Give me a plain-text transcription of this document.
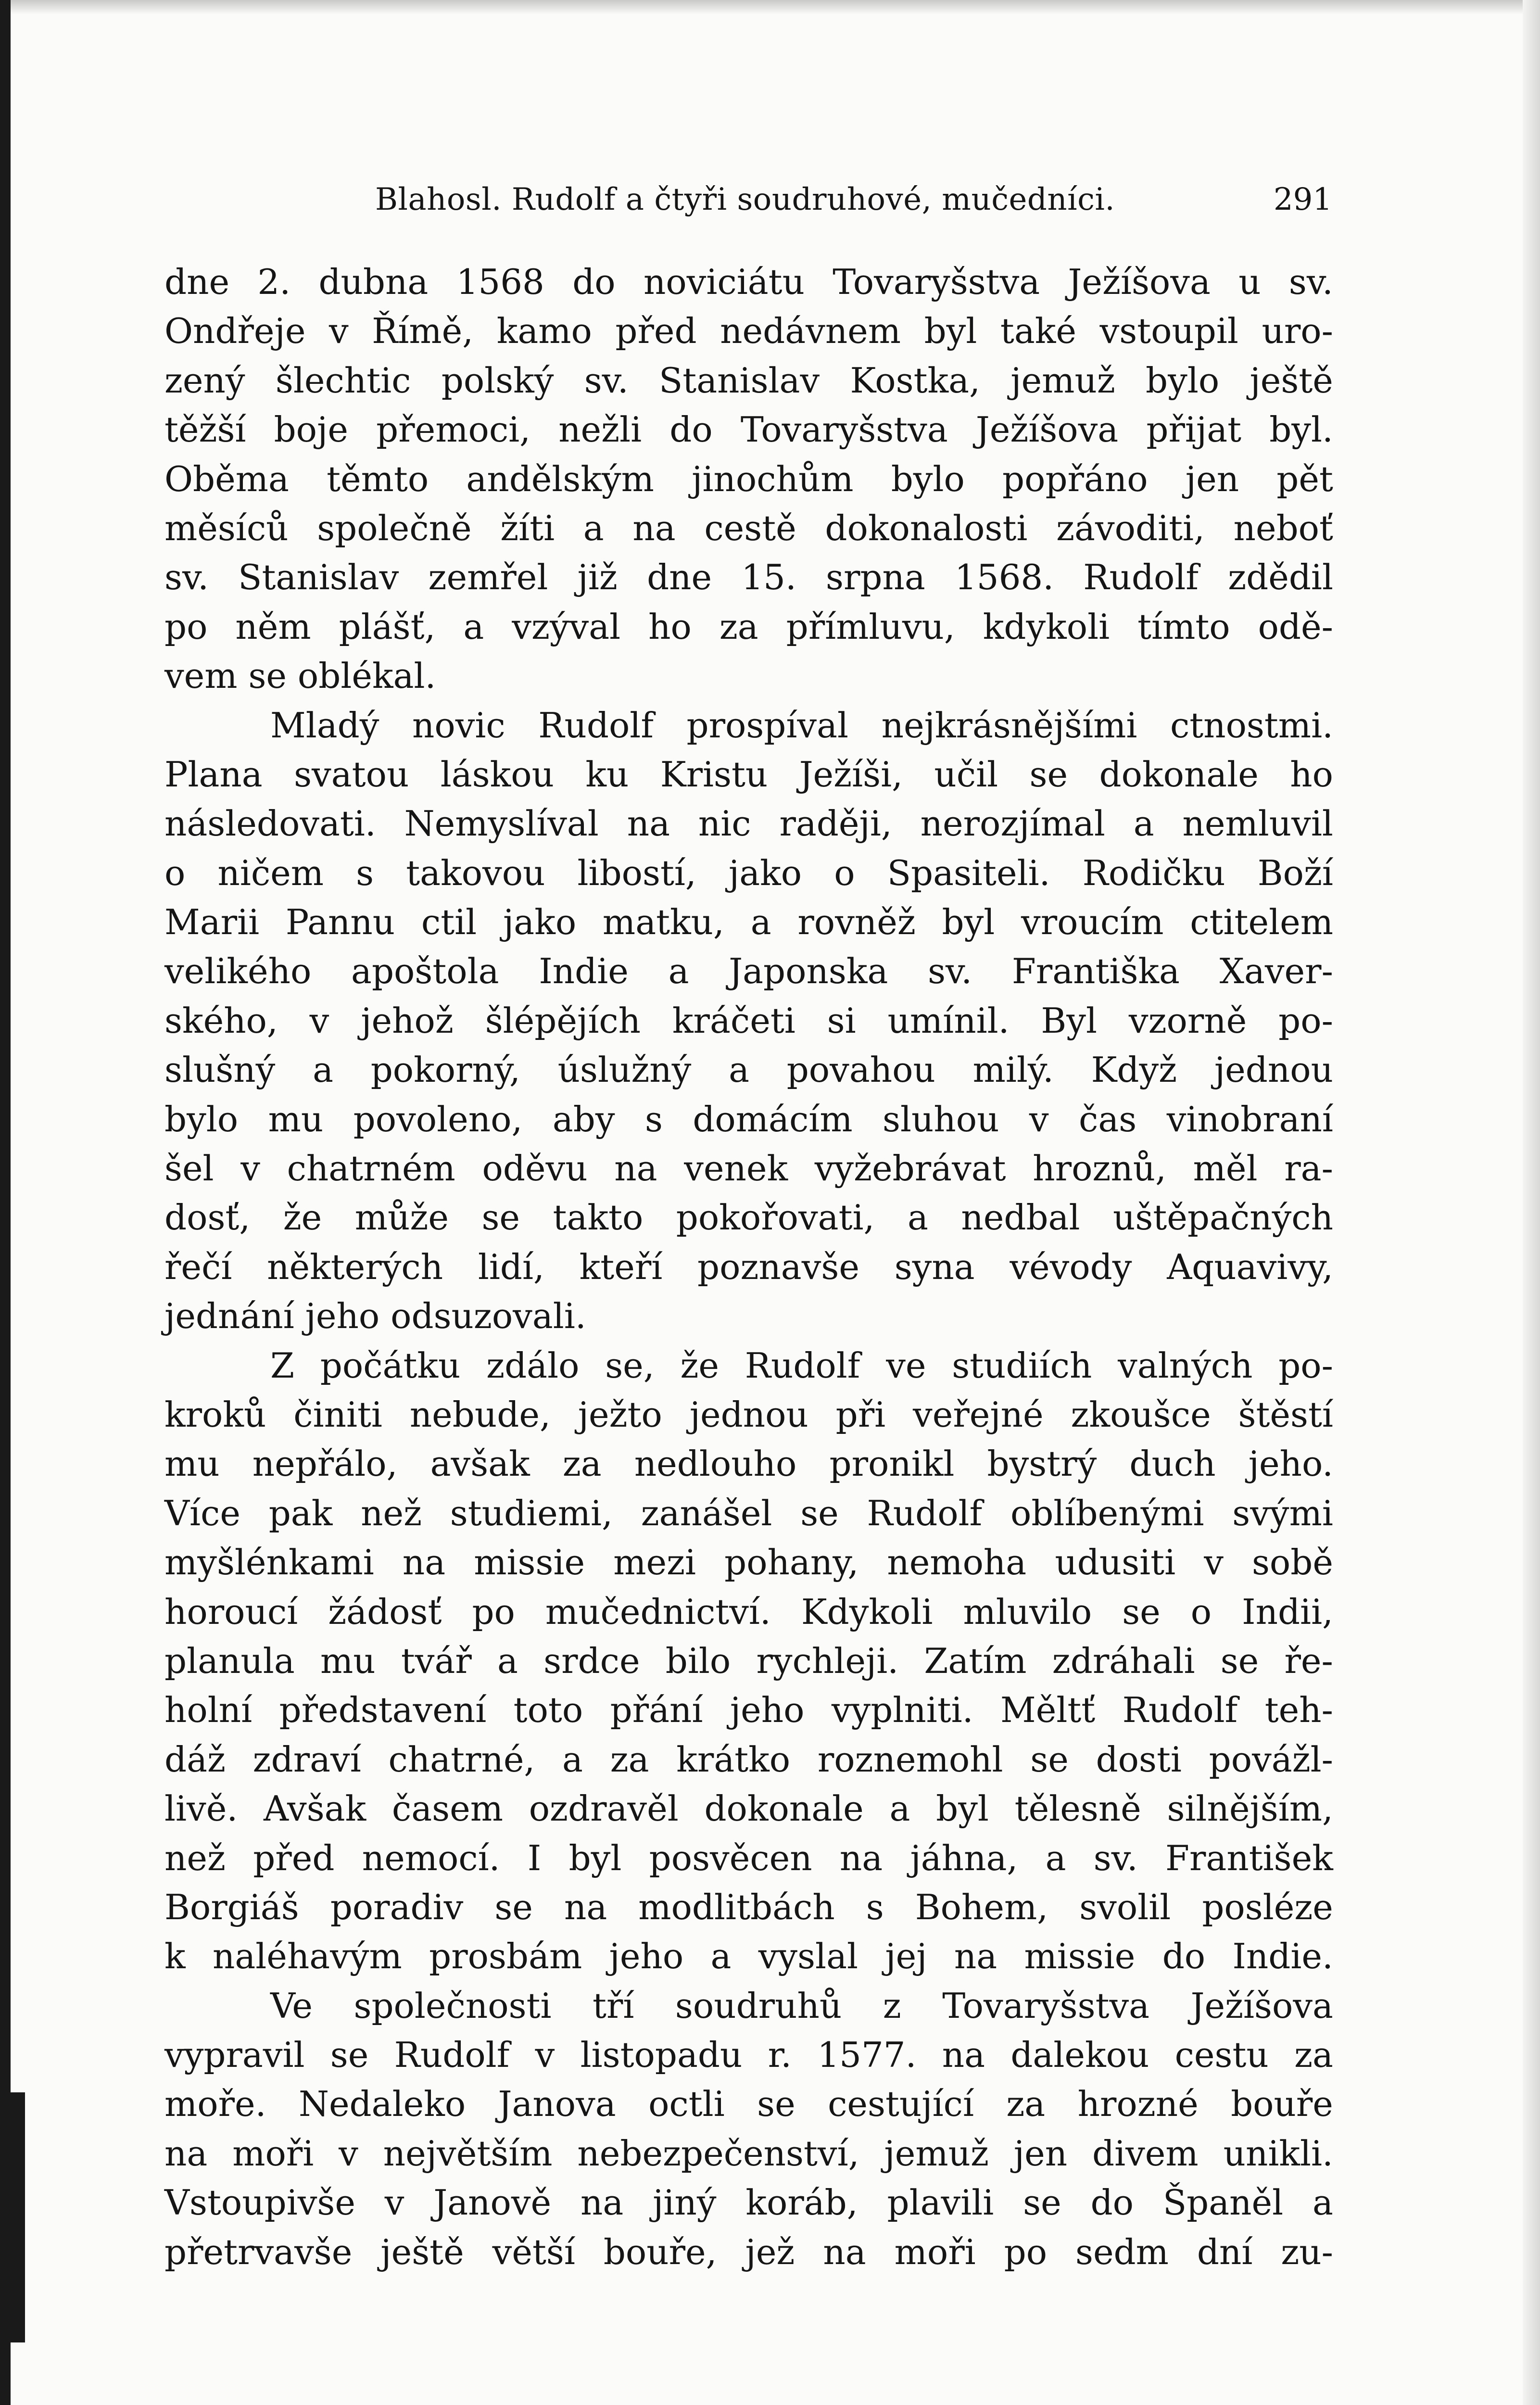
Blahosl. Rudolf a čtyři soudruhové, mučedníci.	291
dne 2. dubna 1568 do noviciátu Tovaryšstva Ježíšova u sv.
Ondřeje v Římě, kamo před nedávnem byl také vstoupil uro-
zený šlechtic polský sv. Stanislav Kostka, jemuž bylo ještě
těžší boje přemoci, nežli do Tovaryšstva Ježíšova přijat byl.
Oběma těmto andělským jinochům bylo popřáno jen pět
měsíců společně žíti a na cestě dokonalosti závoditi, neboť
sv. Stanislav zemřel již dne 15. srpna 1568. Rudolf zdědil
po něm plášť, a vzýval ho za přímluvu, kdykoli tímto odě-
vem se oblékal.
Mladý novic Rudolf prospíval nejkrásnějšími ctnostmi.
Plana svatou láskou ku Kristu Ježíši, učil se dokonale ho
následovati. Nemyslíval na nic raději, nerozjímal a nemluvil
o ničem s takovou libostí, jako o Spasiteli. Rodičku Boží
Marii Pannu ctil jako matku, a rovněž byl vroucím ctitelem
velikého apoštola Indie a Japonska sv. Františka Xaver-
ského, v jehož šlépějích kráčeti si umínil. Byl vzorně po-
slušný a pokorný, úslužný a povahou milý. Když jednou
bylo mu povoleno, aby s domácím sluhou v čas vinobraní
šel v chatrném oděvu na venek vyžebrávat hroznů, měl ra-
dosť, že může se takto pokořovati, a nedbal uštěpačných
řečí některých lidí, kteří poznavše syna vévody Aquavivy,
jednání jeho odsuzovali.
Z počátku zdálo se, že Rudolf ve studiích valných po-
kroků činiti nebude, ježto jednou při veřejné zkoušce štěstí
mu nepřálo, avšak za nedlouho pronikl bystrý duch jeho.
Více pak než studiemi, zanášel se Rudolf oblíbenými svými
myšlénkami na missie mezi pohany, nemoha udusiti v sobě
horoucí žádosť po mučednictví. Kdykoli mluvilo se o Indii,
planula mu tvář a srdce bilo rychleji. Zatím zdráhali se ře-
holní představení toto přání jeho vyplniti. Měltť Rudolf teh-
dáž zdraví chatrné, a za krátko roznemohl se dosti povážl-
livě. Avšak časem ozdravěl dokonale a byl tělesně silnějším,
než před nemocí. I byl posvěcen na jáhna, a sv. František
Borgiáš poradiv se na modlitbách s Bohem, svolil posléze
k naléhavým prosbám jeho a vyslal jej na missie do Indie.
Ve společnosti tří soudruhů z Tovaryšstva Ježíšova
vypravil se Rudolf v listopadu r. 1577. na dalekou cestu za
moře. Nedaleko Janova octli se cestující za hrozné bouře
na moři v největším nebezpečenství, jemuž jen divem unikli.
Vstoupivše v Janově na jiný koráb, plavili se do Španěl a
přetrvavše ještě větší bouře, jež na moři po sedm dní zu-
